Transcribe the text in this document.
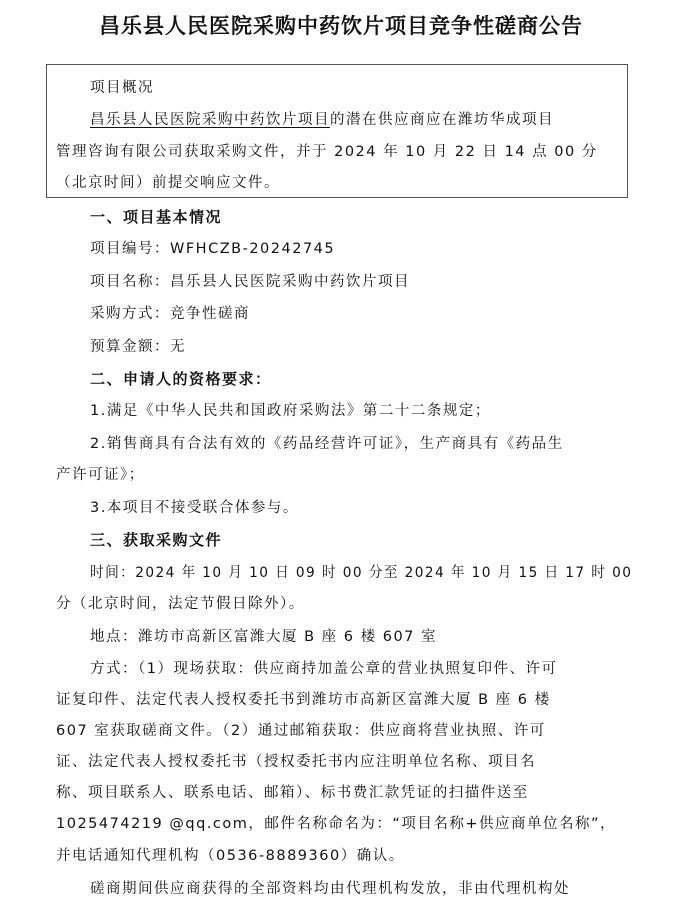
昌乐县人民医院采购中药饮片项目竞争性磋商公告
项目概况
昌乐县人民医院采购中药饮片项目的潜在供应商应在潍坊华成项目
管理咨询有限公司获取采购文件，并于 2024 年 10 月 22 日 14 点 00 分
（北京时间）前提交响应文件。
一、项目基本情况
项目编号：WFHCZB-20242745
项目名称：昌乐县人民医院采购中药饮片项目
采购方式：竞争性磋商
预算金额：无
二、申请人的资格要求：
1.满足《中华人民共和国政府采购法》第二十二条规定；
2.销售商具有合法有效的《药品经营许可证》，生产商具有《药品生
产许可证》；
3.本项目不接受联合体参与。
三、获取采购文件
时间：2024 年 10 月 10 日 09 时 00 分至 2024 年 10 月 15 日 17 时 00
分（北京时间，法定节假日除外）。
地点：潍坊市高新区富潍大厦 B 座 6 楼 607 室
方式：（1）现场获取：供应商持加盖公章的营业执照复印件、许可
证复印件、法定代表人授权委托书到潍坊市高新区富潍大厦 B 座 6 楼
607 室获取磋商文件。（2）通过邮箱获取：供应商将营业执照、许可
证、法定代表人授权委托书（授权委托书内应注明单位名称、项目名
称、项目联系人、联系电话、邮箱）、标书费汇款凭证的扫描件送至
1025474219 @qq.com，邮件名称命名为：“项目名称+供应商单位名称”，
并电话通知代理机构（0536-8889360）确认。
磋商期间供应商获得的全部资料均由代理机构发放，非由代理机构处
